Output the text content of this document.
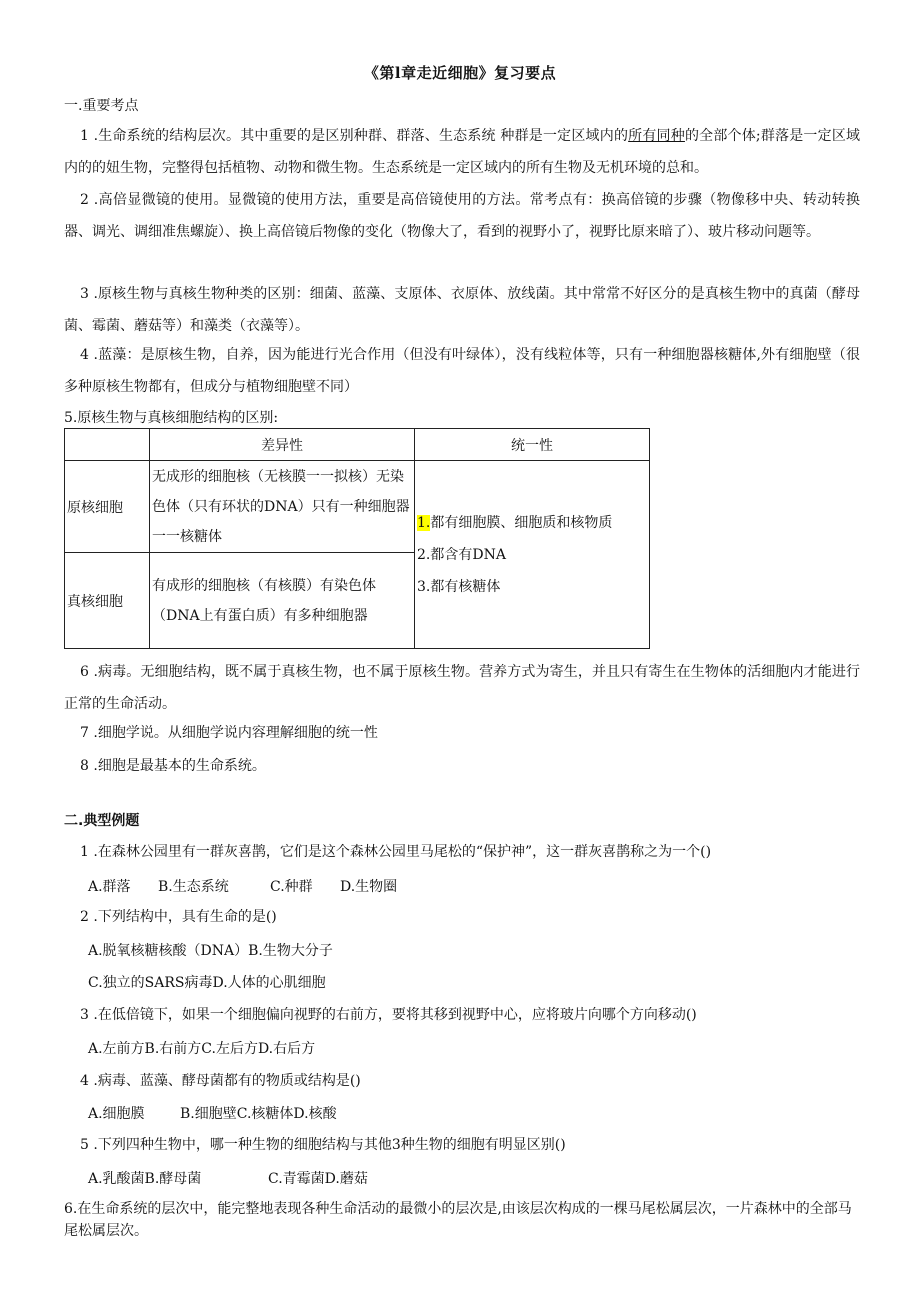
《第l章走近细胞》复习要点
一.重要考点
1 .生命系统的结构层次。其中重要的是区别种群、群落、生态系统 种群是一定区域内的所有同种的全部个体;群落是一定区域内的的妞生物，完整得包括植物、动物和微生物。生态系统是一定区域内的所有生物及无机环境的总和。
2 .高倍显微镜的使用。显微镜的使用方法，重要是高倍镜使用的方法。常考点有：换高倍镜的步骤（物像移中央、转动转换器、调光、调细准焦螺旋）、换上高倍镜后物像的变化（物像大了，看到的视野小了，视野比原来暗了）、玻片移动问题等。
3 .原核生物与真核生物种类的区别：细菌、蓝藻、支原体、衣原体、放线菌。其中常常不好区分的是真核生物中的真菌（酵母菌、霉菌、蘑菇等）和藻类（衣藻等）。
4 .蓝藻：是原核生物，自养，因为能进行光合作用（但没有叶绿体），没有线粒体等，只有一种细胞器核糖体,外有细胞壁（很多种原核生物都有，但成分与植物细胞壁不同）
5.原核生物与真核细胞结构的区别:
	差异性	统一性
原核细胞	无成形的细胞核（无核膜一一拟核）无染色体（只有环状的DNA）只有一种细胞器一一核糖体	1.都有细胞膜、细胞质和核物质
2.都含有DNA
3.都有核糖体

真核细胞	有成形的细胞核（有核膜）有染色体（DNA上有蛋白质）有多种细胞器	
6 .病毒。无细胞结构，既不属于真核生物，也不属于原核生物。营养方式为寄生，并且只有寄生在生物体的活细胞内才能进行正常的生命活动。
7 .细胞学说。从细胞学说内容理解细胞的统一性
8 .细胞是最基本的生命系统。
二.典型例题
1 .在森林公园里有一群灰喜鹊，它们是这个森林公园里马尾松的“保护神”，这一群灰喜鹊称之为一个()
A.群落 B.生态系统	C.种群 D.生物圈
2 .下列结构中，具有生命的是()
A.脱氧核糖核酸（DNA）B.生物大分子
C.独立的SARS病毒D.人体的心肌细胞
3 .在低倍镜下，如果一个细胞偏向视野的右前方，要将其移到视野中心，应将玻片向哪个方向移动()
A.左前方B.右前方C.左后方D.右后方
4 .病毒、蓝藻、酵母菌都有的物质或结构是()
A.细胞膜	B.细胞壁C.核糖体D.核酸
5 .下列四种生物中，哪一种生物的细胞结构与其他3种生物的细胞有明显区别()
A.乳酸菌B.酵母菌	C.青霉菌D.蘑菇
6.在生命系统的层次中，能完整地表现各种生命活动的最微小的层次是,由该层次构成的一棵马尾松属层次，一片森林中的全部马尾松属层次。
